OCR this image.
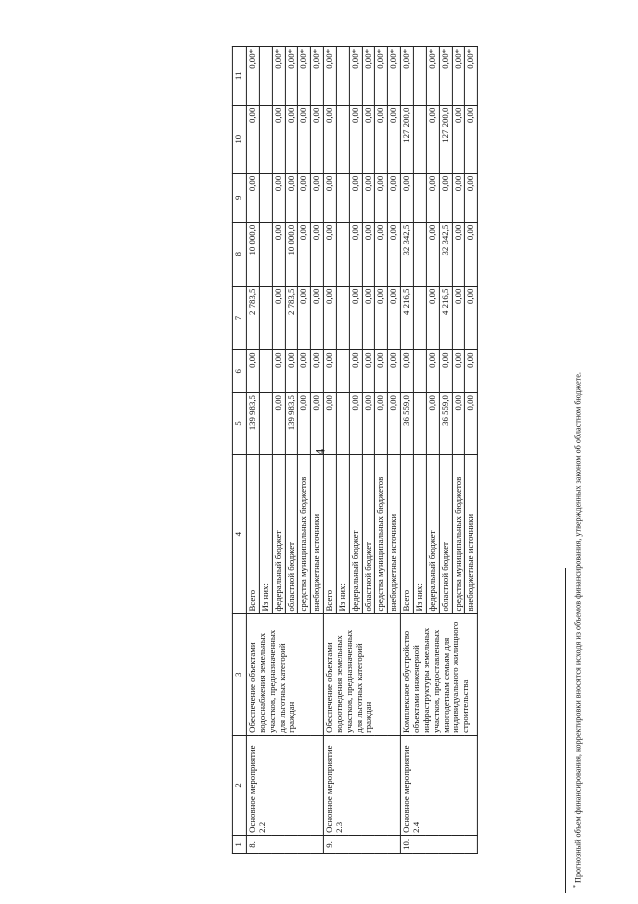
4
1	2	3	4	5	6	7	8	9	10	11
8.	Основное мероприятие 2.2	Обеспечение объектами водоснабжения земельных участков, предназначенных для льготных категорий граждан	Всего	139 983,5	0,00	2 783,5	10 000,0	0,00	0,00	0,00*
			Из них:							
			федеральный бюджет	0,00	0,00	0,00	0,00	0,00	0,00	0,00*
			областной бюджет	139 983,5	0,00	2 783,5	10 000,0	0,00	0,00	0,00*
			средства муниципальных бюджетов	0,00	0,00	0,00	0,00	0,00	0,00	0,00*
			внебюджетные источники	0,00	0,00	0,00	0,00	0,00	0,00	0,00*
9.	Основное мероприятие 2.3	Обеспечение объектами водоотведения земельных участков, предназначенных для льготных категорий граждан	Всего	0,00	0,00	0,00	0,00	0,00	0,00	0,00*
			Из них:							
			федеральный бюджет	0,00	0,00	0,00	0,00	0,00	0,00	0,00*
			областной бюджет	0,00	0,00	0,00	0,00	0,00	0,00	0,00*
			средства муниципальных бюджетов	0,00	0,00	0,00	0,00	0,00	0,00	0,00*
			внебюджетные источники	0,00	0,00	0,00	0,00	0,00	0,00	0,00*
10.	Основное мероприятие 2.4	Комплексное обустройство объектами инженерной инфраструктуры земельных участков, предоставленных многодетным семьям для индивидуального жилищного строительства	Всего	36 559,0	0,00	4 216,5	32 342,5	0,00	127 200,0	0,00*
			Из них:							
			федеральный бюджет	0,00	0,00	0,00	0,00	0,00	0,00	0,00*
			областной бюджет	36 559,0	0,00	4 216,5	32 342,5	0,00	127 200,0	0,00*
			средства муниципальных бюджетов	0,00	0,00	0,00	0,00	0,00	0,00	0,00*
			внебюджетные источники	0,00	0,00	0,00	0,00	0,00	0,00	0,00*
* Прогнозный объем финансирования, корректировки вносятся исходя из объемов финансирования, утвержденных законом об областном бюджете.
